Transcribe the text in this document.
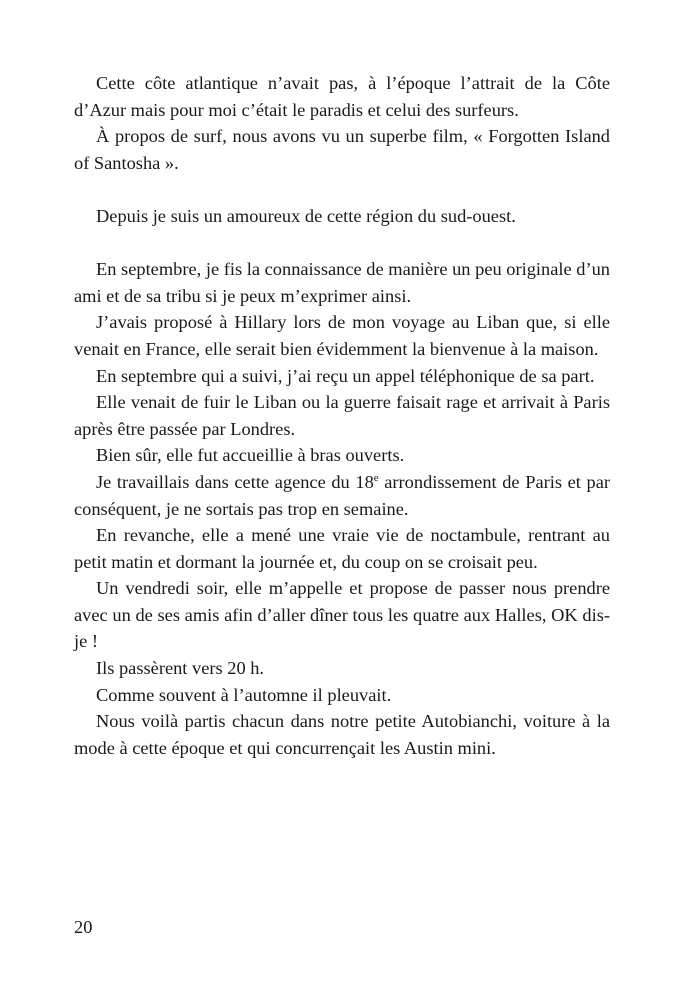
Cette côte atlantique n’avait pas, à l’époque l’attrait de la Côte d’Azur mais pour moi c’était le paradis et celui des surfeurs.

À propos de surf, nous avons vu un superbe film, « Forgotten Island of Santosha ».

Depuis je suis un amoureux de cette région du sud-ouest.

En septembre, je fis la connaissance de manière un peu originale d’un ami et de sa tribu si je peux m’exprimer ainsi.

J’avais proposé à Hillary lors de mon voyage au Liban que, si elle venait en France, elle serait bien évidemment la bienvenue à la maison.

En septembre qui a suivi, j’ai reçu un appel téléphonique de sa part.

Elle venait de fuir le Liban ou la guerre faisait rage et arrivait à Paris après être passée par Londres.

Bien sûr, elle fut accueillie à bras ouverts.

Je travaillais dans cette agence du 18e arrondissement de Paris et par conséquent, je ne sortais pas trop en semaine.

En revanche, elle a mené une vraie vie de noctambule, rentrant au petit matin et dormant la journée et, du coup on se croisait peu.

Un vendredi soir, elle m’appelle et propose de passer nous prendre avec un de ses amis afin d’aller dîner tous les quatre aux Halles, OK dis-je !

Ils passèrent vers 20 h.

Comme souvent à l’automne il pleuvait.

Nous voilà partis chacun dans notre petite Autobianchi, voiture à la mode à cette époque et qui concurrençait les Austin mini.

20
